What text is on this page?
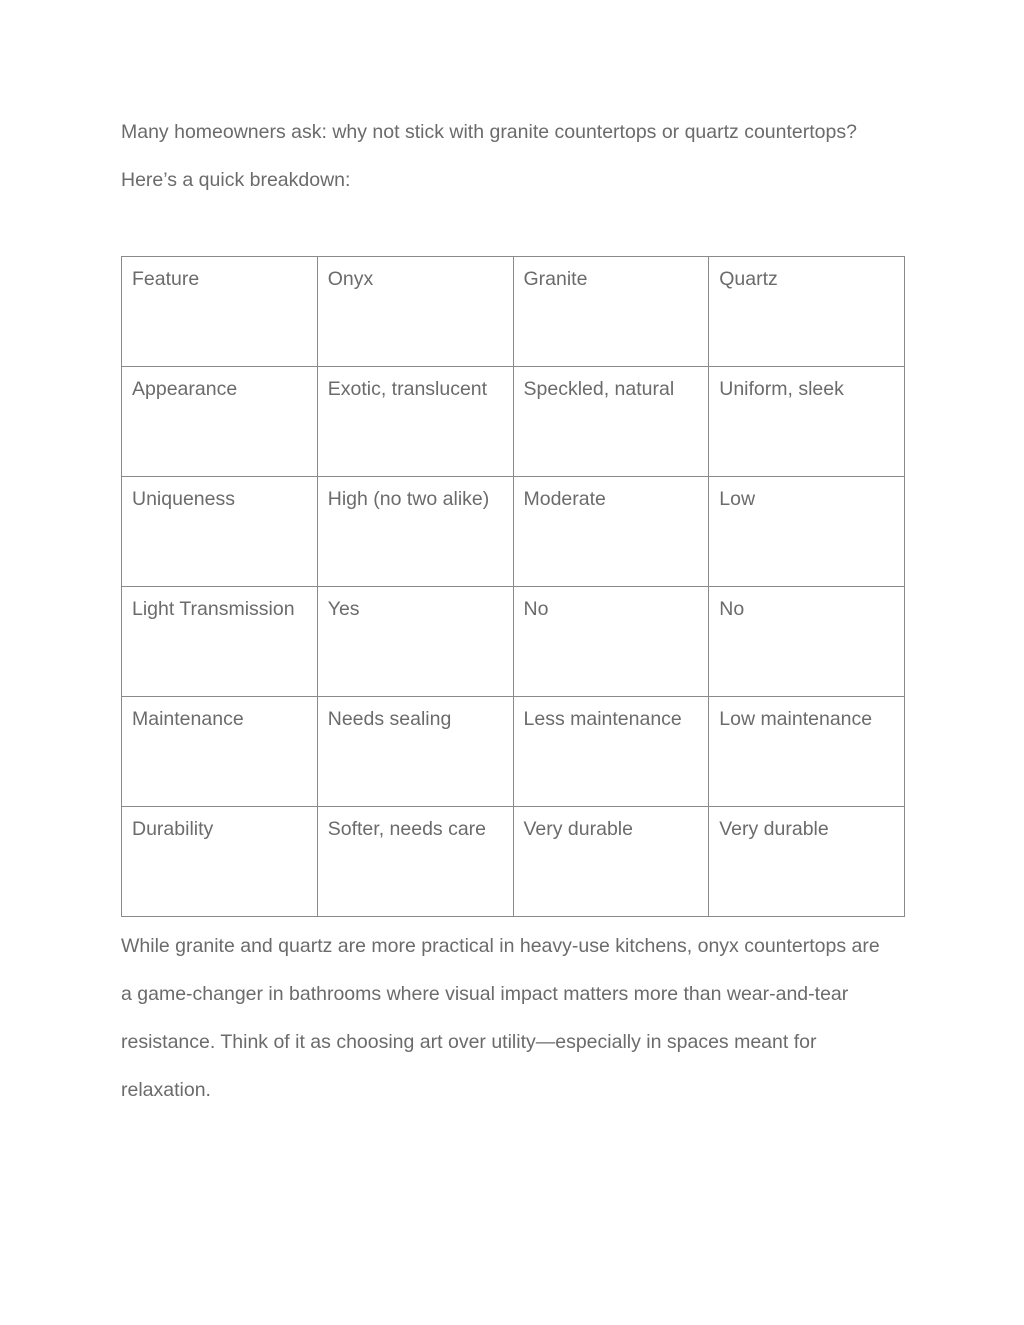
Many homeowners ask: why not stick with granite countertops or quartz countertops?
Here’s a quick breakdown:
Feature	Onyx	Granite	Quartz
Appearance	Exotic, translucent	Speckled, natural	Uniform, sleek
Uniqueness	High (no two alike)	Moderate	Low
Light Transmission	Yes	No	No
Maintenance	Needs sealing	Less maintenance	Low maintenance
Durability	Softer, needs care	Very durable	Very durable
While granite and quartz are more practical in heavy-use kitchens, onyx countertops are
a game-changer in bathrooms where visual impact matters more than wear-and-tear
resistance. Think of it as choosing art over utility—especially in spaces meant for
relaxation.
